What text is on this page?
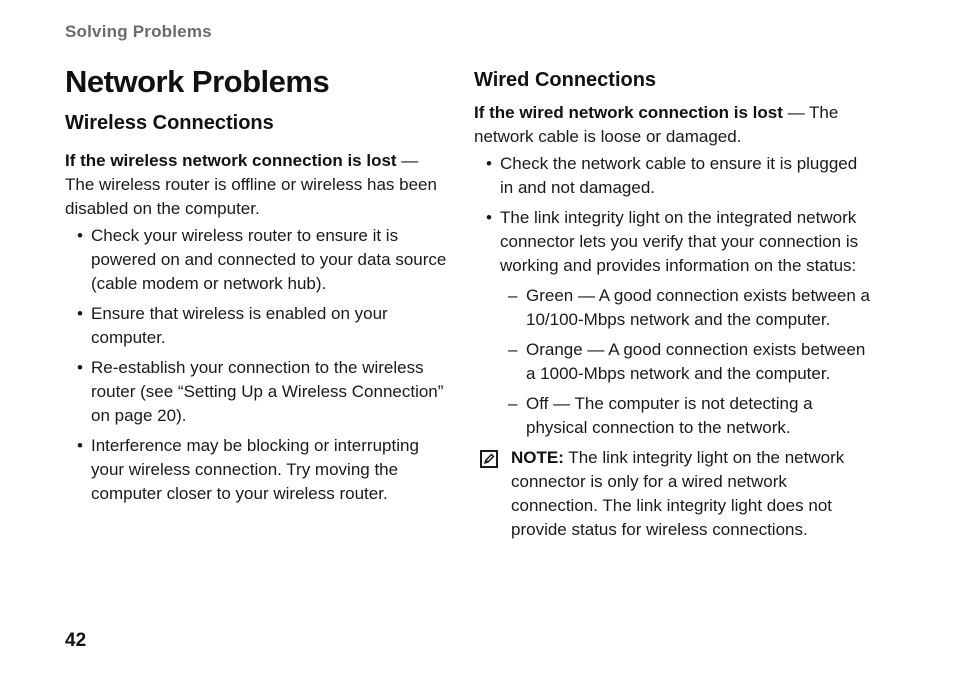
Solving Problems
Network Problems
Wireless Connections

If the wireless network connection is lost — The wireless router is offline or wireless has been disabled on the computer.

• Check your wireless router to ensure it is powered on and connected to your data source (cable modem or network hub).
• Ensure that wireless is enabled on your computer.
• Re-establish your connection to the wireless router (see “Setting Up a Wireless Connection” on page 20).
• Interference may be blocking or interrupting your wireless connection. Try moving the computer closer to your wireless router.
Wired Connections

If the wired network connection is lost — The network cable is loose or damaged.

• Check the network cable to ensure it is plugged in and not damaged.
• The link integrity light on the integrated network connector lets you verify that your connection is working and provides information on the status:
– Green — A good connection exists between a 10/100-Mbps network and the computer.
– Orange — A good connection exists between a 1000-Mbps network and the computer.
– Off — The computer is not detecting a physical connection to the network.

NOTE: The link integrity light on the network connector is only for a wired network connection. The link integrity light does not provide status for wireless connections.

42
